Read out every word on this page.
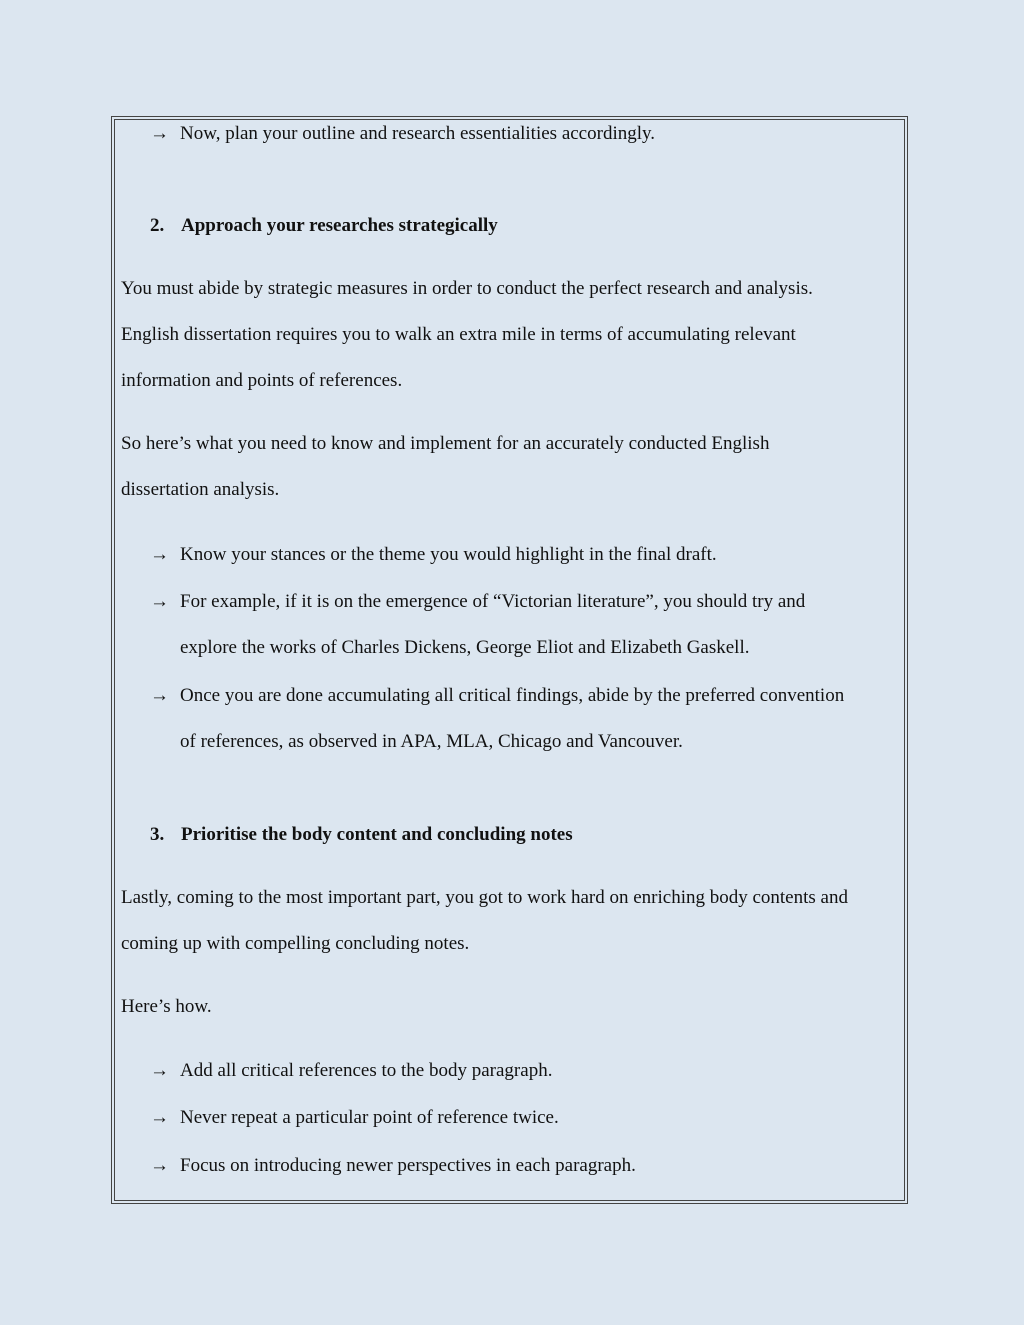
→ Now, plan your outline and research essentialities accordingly.
2. Approach your researches strategically
You must abide by strategic measures in order to conduct the perfect research and analysis.
English dissertation requires you to walk an extra mile in terms of accumulating relevant
information and points of references.
So here’s what you need to know and implement for an accurately conducted English
dissertation analysis.
→ Know your stances or the theme you would highlight in the final draft.
→ For example, if it is on the emergence of “Victorian literature”, you should try and
explore the works of Charles Dickens, George Eliot and Elizabeth Gaskell.
→ Once you are done accumulating all critical findings, abide by the preferred convention
of references, as observed in APA, MLA, Chicago and Vancouver.
3. Prioritise the body content and concluding notes
Lastly, coming to the most important part, you got to work hard on enriching body contents and
coming up with compelling concluding notes.
Here’s how.
→ Add all critical references to the body paragraph.
→ Never repeat a particular point of reference twice.
→ Focus on introducing newer perspectives in each paragraph.
